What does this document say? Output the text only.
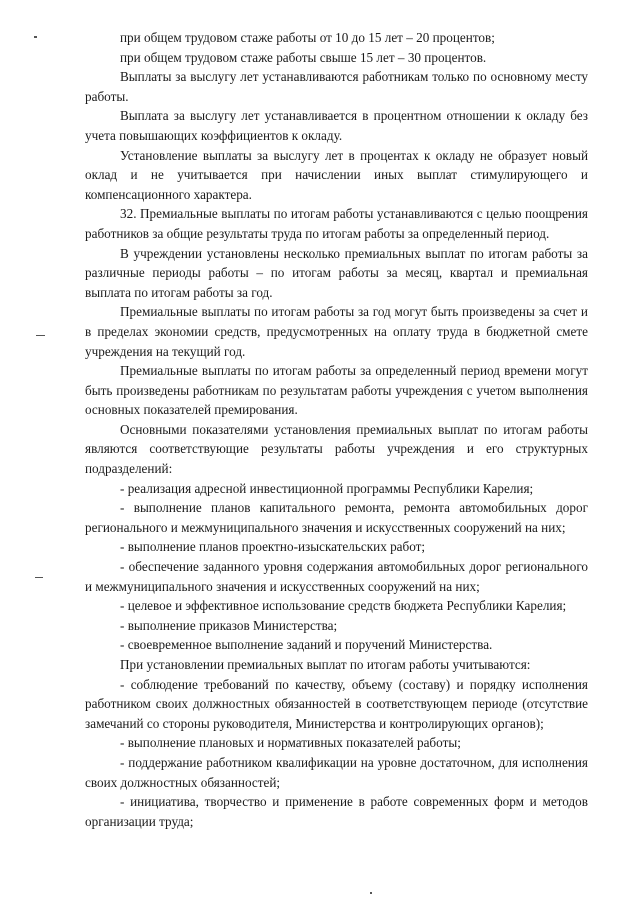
при общем трудовом стаже работы от 10 до 15 лет – 20 процентов;

при общем трудовом стаже работы свыше 15 лет – 30 процентов.

Выплаты за выслугу лет устанавливаются работникам только по основному месту работы.

Выплата за выслугу лет устанавливается в процентном отношении к окладу без учета повышающих коэффициентов к окладу.

Установление выплаты за выслугу лет в процентах к окладу не образует новый оклад и не учитывается при начислении иных выплат стимулирующего и компенсационного характера.

32. Премиальные выплаты по итогам работы устанавливаются с целью поощрения работников за общие результаты труда по итогам работы за определенный период.

В учреждении установлены несколько премиальных выплат по итогам работы за различные периоды работы – по итогам работы за месяц, квартал и премиальная выплата по итогам работы за год.

Премиальные выплаты по итогам работы за год могут быть произведены за счет и в пределах экономии средств, предусмотренных на оплату труда в бюджетной смете учреждения на текущий год.

Премиальные выплаты по итогам работы за определенный период времени могут быть произведены работникам по результатам работы учреждения с учетом выполнения основных показателей премирования.

Основными показателями установления премиальных выплат по итогам работы являются соответствующие результаты работы учреждения и его структурных подразделений:

- реализация адресной инвестиционной программы Республики Карелия;

- выполнение планов капитального ремонта, ремонта автомобильных дорог регионального и межмуниципального значения и искусственных сооружений на них;

- выполнение планов проектно-изыскательских работ;

- обеспечение заданного уровня содержания автомобильных дорог регионального и межмуниципального значения и искусственных сооружений на них;

- целевое и эффективное использование средств бюджета Республики Карелия;

- выполнение приказов Министерства;

- своевременное выполнение заданий и поручений Министерства.

При установлении премиальных выплат по итогам работы учитываются:

- соблюдение требований по качеству, объему (составу) и порядку исполнения работником своих должностных обязанностей в соответствующем периоде (отсутствие замечаний со стороны руководителя, Министерства и контролирующих органов);

- выполнение плановых и нормативных показателей работы;

- поддержание работником квалификации на уровне достаточном, для исполнения своих должностных обязанностей;

- инициатива, творчество и применение в работе современных форм и методов организации труда;
